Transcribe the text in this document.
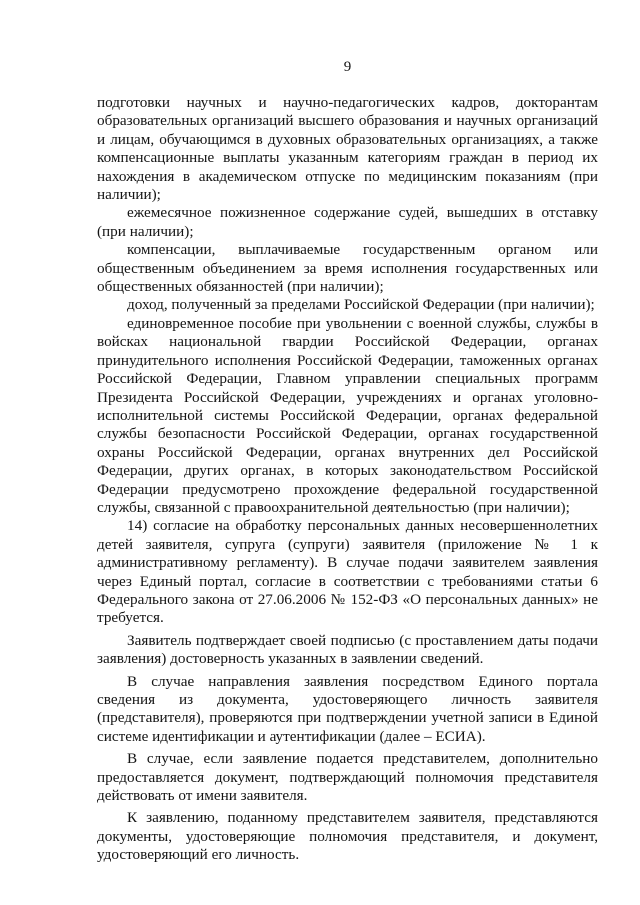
9

подготовки научных и научно-педагогических кадров, докторантам образовательных организаций высшего образования и научных организаций и лицам, обучающимся в духовных образовательных организациях, а также компенсационные выплаты указанным категориям граждан в период их нахождения в академическом отпуске по медицинским показаниям (при наличии);

ежемесячное пожизненное содержание судей, вышедших в отставку (при наличии);

компенсации, выплачиваемые государственным органом или общественным объединением за время исполнения государственных или общественных обязанностей (при наличии);

доход, полученный за пределами Российской Федерации (при наличии);

единовременное пособие при увольнении с военной службы, службы в войсках национальной гвардии Российской Федерации, органах принудительного исполнения Российской Федерации, таможенных органах Российской Федерации, Главном управлении специальных программ Президента Российской Федерации, учреждениях и органах уголовно-исполнительной системы Российской Федерации, органах федеральной службы безопасности Российской Федерации, органах государственной охраны Российской Федерации, органах внутренних дел Российской Федерации, других органах, в которых законодательством Российской Федерации предусмотрено прохождение федеральной государственной службы, связанной с правоохранительной деятельностью (при наличии);

14) согласие на обработку персональных данных несовершеннолетних детей заявителя, супруга (супруги) заявителя (приложение № 1 к административному регламенту). В случае подачи заявителем заявления через Единый портал, согласие в соответствии с требованиями статьи 6 Федерального закона от 27.06.2006 № 152-ФЗ «О персональных данных» не требуется.

Заявитель подтверждает своей подписью (с проставлением даты подачи заявления) достоверность указанных в заявлении сведений.

В случае направления заявления посредством Единого портала сведения из документа, удостоверяющего личность заявителя (представителя), проверяются при подтверждении учетной записи в Единой системе идентификации и аутентификации (далее – ЕСИА).

В случае, если заявление подается представителем, дополнительно предоставляется документ, подтверждающий полномочия представителя действовать от имени заявителя.

К заявлению, поданному представителем заявителя, представляются документы, удостоверяющие полномочия представителя, и документ, удостоверяющий его личность.
